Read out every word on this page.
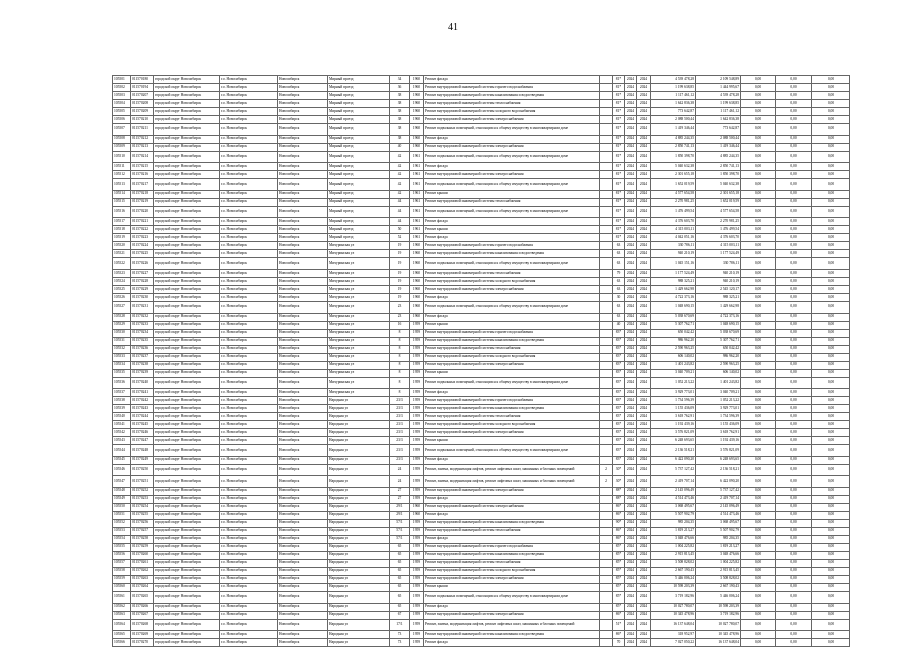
41
105501	011570180	городской округ Новосибирск	г.о. Новосибирск	Новосибирск	Мирный проезд	34	1960	Ремонт фасада	81*	2024	2024	4 539 478,28	2 109 548,89	0,00	0,00	0,00
105502	011570194	городской округ Новосибирск	г.о. Новосибирск	Новосибирск	Мирный проезд	36	1960	Ремонт внутридомовой инженерной системы горячего водоснабжения	81*	2024	2024	1 199 638,85	1 444 995,67	0,00	0,00	0,00
105503	011570207	городской округ Новосибирск	г.о. Новосибирск	Новосибирск	Мирный проезд	38	1960	Ремонт внутридомовой инженерной системы канализования и водоотведения	81*	2024	2024	1 117 461,12	4 539 478,28	0,00	0,00	0,00
105504	011570208	городской округ Новосибирск	г.о. Новосибирск	Новосибирск	Мирный проезд	38	1960	Ремонт внутридомовой инженерной системы теплоснабжения	81*	2024	2024	1 642 836,38	1 199 638,85	0,00	0,00	0,00
105505	011570209	городской округ Новосибирск	г.о. Новосибирск	Новосибирск	Мирный проезд	38	1960	Ремонт внутридомовой инженерной системы холодного водоснабжения	81*	2024	2024	773 642,87	1 117 461,12	0,00	0,00	0,00
105506	011570210	городской округ Новосибирск	г.о. Новосибирск	Новосибирск	Мирный проезд	38	1960	Ремонт внутридомовой инженерной системы электроснабжения	81*	2024	2024	2 088 500,44	1 642 836,38	0,00	0,00	0,00
105507	011570211	городской округ Новосибирск	г.о. Новосибирск	Новосибирск	Мирный проезд	38	1960	Ремонт подвальных помещений, относящихся к общему имуществу в многоквартирном доме	81*	2024	2024	1 419 346,44	773 642,87	0,00	0,00	0,00
105508	011570212	городской округ Новосибирск	г.о. Новосибирск	Новосибирск	Мирный проезд	38	1960	Ремонт фасада	81*	2024	2024	4 885 244,35	2 088 500,44	0,00	0,00	0,00
105509	011570213	городской округ Новосибирск	г.о. Новосибирск	Новосибирск	Мирный проезд	40	1960	Ремонт внутридомовой инженерной системы электроснабжения	81*	2024	2024	2 850 741,13	1 419 346,44	0,00	0,00	0,00
105510	011570214	городской округ Новосибирск	г.о. Новосибирск	Новосибирск	Мирный проезд	42	1961	Ремонт подвальных помещений, относящихся к общему имуществу в многоквартирном доме	81*	2024	2024	1 850 398,70	4 885 244,35	0,00	0,00	0,00
105511	011570215	городской округ Новосибирск	г.о. Новосибирск	Новосибирск	Мирный проезд	42	1961	Ремонт фасада	81*	2024	2024	5 040 632,38	2 850 741,13	0,00	0,00	0,00
105512	011570216	городской округ Новосибирск	г.о. Новосибирск	Новосибирск	Мирный проезд	42	1961	Ремонт внутридомовой инженерной системы электроснабжения	81*	2024	2024	2 301 655,18	1 850 398,70	0,00	0,00	0,00
105513	011570217	городской округ Новосибирск	г.о. Новосибирск	Новосибирск	Мирный проезд	42	1961	Ремонт подвальных помещений, относящихся к общему имуществу в многоквартирном доме	81*	2024	2024	1 652 019,59	5 040 632,38	0,00	0,00	0,00
105514	011570218	городской округ Новосибирск	г.о. Новосибирск	Новосибирск	Мирный проезд	42	1961	Ремонт крыши	81*	2024	2024	4 577 654,58	2 301 655,18	0,00	0,00	0,00
105515	011570219	городской округ Новосибирск	г.о. Новосибирск	Новосибирск	Мирный проезд	44	1961	Ремонт внутридомовой инженерной системы теплоснабжения	81*	2024	2024	2 270 981,25	1 652 019,59	0,00	0,00	0,00
105516	011570220	городской округ Новосибирск	г.о. Новосибирск	Новосибирск	Мирный проезд	44	1961	Ремонт подвальных помещений, относящихся к общему имуществу в многоквартирном доме	81*	2024	2024	1 476 499,54	4 577 654,58	0,00	0,00	0,00
105517	011570221	городской округ Новосибирск	г.о. Новосибирск	Новосибирск	Мирный проезд	44	1961	Ремонт фасада	81*	2024	2024	4 376 603,70	2 270 981,25	0,00	0,00	0,00
105518	011570222	городской округ Новосибирск	г.о. Новосибирск	Новосибирск	Мирный проезд	50	1961	Ремонт крыши	81*	2024	2024	4 315 003,11	1 476 499,54	0,00	0,00	0,00
105519	011570223	городской округ Новосибирск	г.о. Новосибирск	Новосибирск	Мирный проезд	52	1961	Ремонт фасада	81*	2024	2024	4 042 051,16	4 376 603,70	0,00	0,00	0,00
105520	011570224	городской округ Новосибирск	г.о. Новосибирск	Новосибирск	Мичуринская ул	19	1960	Ремонт внутридомовой инженерной системы горячего водоснабжения	63	2024	2024	330 786,11	4 315 003,11	0,00	0,00	0,00
105521	011570225	городской округ Новосибирск	г.о. Новосибирск	Новосибирск	Мичуринская ул	19	1960	Ремонт внутридомовой инженерной системы канализования и водоотведения	63	2024	2024	940 210,19	1 177 524,49	0,00	0,00	0,00
105522	011570226	городской округ Новосибирск	г.о. Новосибирск	Новосибирск	Мичуринская ул	19	1960	Ремонт подвальных помещений, относящихся к общему имуществу в многоквартирном доме	63	2024	2024	1 045 151,16	330 786,11	0,00	0,00	0,00
105523	011570227	городской округ Новосибирск	г.о. Новосибирск	Новосибирск	Мичуринская ул	19	1960	Ремонт внутридомовой инженерной системы теплоснабжения	79	2024	2024	1 177 524,49	940 210,19	0,00	0,00	0,00
105524	011570228	городской округ Новосибирск	г.о. Новосибирск	Новосибирск	Мичуринская ул	19	1960	Ремонт внутридомовой инженерной системы холодного водоснабжения	63	2024	2024	988 325,21	940 210,19	0,00	0,00	0,00
105525	011570229	городской округ Новосибирск	г.о. Новосибирск	Новосибирск	Мичуринская ул	19	1960	Ремонт внутридомовой инженерной системы электроснабжения	63	2024	2024	1 429 662,98	2 545 120,17	0,00	0,00	0,00
105526	011570230	городской округ Новосибирск	г.о. Новосибирск	Новосибирск	Мичуринская ул	19	1960	Ремонт фасада	30	2024	2024	4 722 373,16	988 325,21	0,00	0,00	0,00
105527	011570231	городской округ Новосибирск	г.о. Новосибирск	Новосибирск	Мичуринская ул	23	1960	Ремонт подвальных помещений, относящихся к общему имуществу в многоквартирном доме	63	2024	2024	1 048 690,15	1 429 662,98	0,00	0,00	0,00
105528	011570232	городской округ Новосибирск	г.о. Новосибирск	Новосибирск	Мичуринская ул	23	1960	Ремонт фасада	63	2024	2024	5 038 670,69	4 722 373,16	0,00	0,00	0,00
105529	011570233	городской округ Новосибирск	г.о. Новосибирск	Новосибирск	Мичуринская ул	16	1959	Ремонт крыши	40	2024	2024	5 307 762,71	1 048 690,15	0,00	0,00	0,00
105530	011570234	городской округ Новосибирск	г.о. Новосибирск	Новосибирск	Мичуринская ул	8	1959	Ремонт внутридомовой инженерной системы горячего водоснабжения	83*	2024	2024	650 042,42	5 038 670,69	0,00	0,00	0,00
105531	011570235	городской округ Новосибирск	г.о. Новосибирск	Новосибирск	Мичуринская ул	8	1959	Ремонт внутридомовой инженерной системы канализования и водоотведения	83*	2024	2024	986 962,20	5 307 762,71	0,00	0,00	0,00
105532	011570236	городской округ Новосибирск	г.о. Новосибирск	Новосибирск	Мичуринская ул	8	1959	Ремонт внутридомовой инженерной системы теплоснабжения	83*	2024	2024	2 590 963,25	650 042,42	0,00	0,00	0,00
105533	011570237	городской округ Новосибирск	г.о. Новосибирск	Новосибирск	Мичуринская ул	8	1959	Ремонт внутридомовой инженерной системы холодного водоснабжения	83*	2024	2024	606 140,02	986 962,20	0,00	0,00	0,00
105534	011570238	городской округ Новосибирск	г.о. Новосибирск	Новосибирск	Мичуринская ул	8	1959	Ремонт внутридомовой инженерной системы электроснабжения	83*	2024	2024	1 401 243,82	2 590 963,25	0,00	0,00	0,00
105535	011570239	городской округ Новосибирск	г.о. Новосибирск	Новосибирск	Мичуринская ул	8	1959	Ремонт крыши	83*	2024	2024	3 040 709,21	606 140,02	0,00	0,00	0,00
105536	011570240	городской округ Новосибирск	г.о. Новосибирск	Новосибирск	Мичуринская ул	8	1959	Ремонт подвальных помещений, относящихся к общему имуществу в многоквартирном доме	83*	2024	2024	1 052 213,22	1 401 243,82	0,00	0,00	0,00
105537	011570241	городской округ Новосибирск	г.о. Новосибирск	Новосибирск	Мичуринская ул	8	1959	Ремонт фасада	83*	2024	2024	3 929 773,01	3 040 709,21	0,00	0,00	0,00
105538	011570242	городской округ Новосибирск	г.о. Новосибирск	Новосибирск	Народная ул	23/3	1959	Ремонт внутридомовой инженерной системы горячего водоснабжения	83*	2024	2024	1 734 596,39	1 052 213,22	0,00	0,00	0,00
105539	011570243	городской округ Новосибирск	г.о. Новосибирск	Новосибирск	Народная ул	23/3	1959	Ремонт внутридомовой инженерной системы канализования и водоотведения	83*	2024	2024	1 155 436,09	3 929 773,01	0,00	0,00	0,00
105540	011570244	городской округ Новосибирск	г.о. Новосибирск	Новосибирск	Народная ул	23/3	1959	Ремонт внутридомовой инженерной системы теплоснабжения	83*	2024	2024	3 618 762,91	1 734 596,39	0,00	0,00	0,00
105541	011570245	городской округ Новосибирск	г.о. Новосибирск	Новосибирск	Народная ул	23/3	1959	Ремонт внутридомовой инженерной системы холодного водоснабжения	83*	2024	2024	1 192 439,16	1 155 436,09	0,00	0,00	0,00
105542	011570246	городской округ Новосибирск	г.о. Новосибирск	Новосибирск	Народная ул	23/3	1959	Ремонт внутридомовой инженерной системы электроснабжения	83*	2024	2024	3 576 821,09	3 618 762,91	0,00	0,00	0,00
105543	011570247	городской округ Новосибирск	г.о. Новосибирск	Новосибирск	Народная ул	23/3	1959	Ремонт крыши	83*	2024	2024	6 248 693,65	1 192 439,16	0,00	0,00	0,00
105544	011570248	городской округ Новосибирск	г.о. Новосибирск	Новосибирск	Народная ул	23/3	1959	Ремонт подвальных помещений, относящихся к общему имуществу в многоквартирном доме	83*	2024	2024	2 136 518,21	3 576 821,09	0,00	0,00	0,00
105545	011570249	городской округ Новосибирск	г.о. Новосибирск	Новосибирск	Народная ул	23/3	1959	Ремонт фасада	83*	2024	2024	6 422 090,20	6 248 693,65	0,00	0,00	0,00
105546	011570250	городской округ Новосибирск	г.о. Новосибирск	Новосибирск	Народная ул	24	1959	Ремонт, замена, модернизация лифтов, ремонт лифтовых шахт, машинных и блочных помещений	2	30*	2024	2024	5 737 127,42	2 136 518,21	0,00	0,00	0,00
105547	011570251	городской округ Новосибирск	г.о. Новосибирск	Новосибирск	Народная ул	24	1959	Ремонт, замена, модернизация лифтов, ремонт лифтовых шахт, машинных и блочных помещений	2	30*	2024	2024	2 419 707,14	6 422 090,20	0,00	0,00	0,00
105548	011570252	городской округ Новосибирск	г.о. Новосибирск	Новосибирск	Народная ул	27	1959	Ремонт внутридомовой инженерной системы электроснабжения	88*	2024	2024	2 145 096,49	5 737 127,42	0,00	0,00	0,00
105549	011570253	городской округ Новосибирск	г.о. Новосибирск	Новосибирск	Народная ул	27	1959	Ремонт фасада	88*	2024	2024	4 514 473,46	2 419 707,14	0,00	0,00	0,00
105550	011570254	городской округ Новосибирск	г.о. Новосибирск	Новосибирск	Народная ул	29/1	1960	Ремонт внутридомовой инженерной системы электроснабжения	86*	2024	2024	3 068 495,67	2 145 096,49	0,00	0,00	0,00
105551	011570255	городской округ Новосибирск	г.о. Новосибирск	Новосибирск	Народная ул	29/1	1960	Ремонт фасада	86*	2024	2024	5 507 902,79	4 514 473,46	0,00	0,00	0,00
105552	011570256	городской округ Новосибирск	г.о. Новосибирск	Новосибирск	Народная ул	57/1	1959	Ремонт внутридомовой инженерной системы канализования и водоотведения	90*	2024	2024	985 204,35	3 068 495,67	0,00	0,00	0,00
105553	011570257	городской округ Новосибирск	г.о. Новосибирск	Новосибирск	Народная ул	57/1	1959	Ремонт внутридомовой инженерной системы теплоснабжения	86*	2024	2024	1 819 213,27	5 507 902,79	0,00	0,00	0,00
105554	011570258	городской округ Новосибирск	г.о. Новосибирск	Новосибирск	Народная ул	57/1	1959	Ремонт фасада	86*	2024	2024	3 048 476,66	985 204,35	0,00	0,00	0,00
105555	011570259	городской округ Новосибирск	г.о. Новосибирск	Новосибирск	Народная ул	65	1959	Ремонт внутридомовой инженерной системы горячего водоснабжения	85*	2024	2024	1 004 225,82	1 819 213,27	0,00	0,00	0,00
105556	011570260	городской округ Новосибирск	г.о. Новосибирск	Новосибирск	Народная ул	65	1959	Ремонт внутридомовой инженерной системы канализования и водоотведения	85*	2024	2024	2 915 813,45	3 048 476,66	0,00	0,00	0,00
105557	011570261	городской округ Новосибирск	г.о. Новосибирск	Новосибирск	Народная ул	65	1959	Ремонт внутридомовой инженерной системы теплоснабжения	85*	2024	2024	3 508 828,02	1 004 225,82	0,00	0,00	0,00
105558	011570262	городской округ Новосибирск	г.о. Новосибирск	Новосибирск	Народная ул	65	1959	Ремонт внутридомовой инженерной системы холодного водоснабжения	85*	2024	2024	2 667 190,43	2 915 813,45	0,00	0,00	0,00
105559	011570263	городской округ Новосибирск	г.о. Новосибирск	Новосибирск	Народная ул	65	1959	Ремонт внутридомовой инженерной системы электроснабжения	85*	2024	2024	5 446 006,24	3 508 828,02	0,00	0,00	0,00
105560	011570264	городской округ Новосибирск	г.о. Новосибирск	Новосибирск	Народная ул	65	1959	Ремонт крыши	85*	2024	2024	10 598 203,39	2 667 190,43	0,00	0,00	0,00
105561	011570265	городской округ Новосибирск	г.о. Новосибирск	Новосибирск	Народная ул	65	1959	Ремонт подвальных помещений, относящихся к общему имуществу в многоквартирном доме	85*	2024	2024	3 719 182,96	5 446 006,24	0,00	0,00	0,00
105562	011570266	городской округ Новосибирск	г.о. Новосибирск	Новосибирск	Народная ул	65	1959	Ремонт фасада	85*	2024	2024	10 027 780,07	10 598 203,39	0,00	0,00	0,00
105563	011570267	городской округ Новосибирск	г.о. Новосибирск	Новосибирск	Народная ул	67	1959	Ремонт внутридомовой инженерной системы электроснабжения	86*	2024	2024	10 345 478,96	3 719 182,96	0,00	0,00	0,00
105564	011570268	городской округ Новосибирск	г.о. Новосибирск	Новосибирск	Народная ул	17/1	1959	Ремонт, замена, модернизация лифтов, ремонт лифтовых шахт, машинных и блочных помещений	51*	2024	2024	16 137 648,04	10 027 780,07	0,00	0,00	0,00
105565	011570269	городской округ Новосибирск	г.о. Новосибирск	Новосибирск	Народная ул	73	1959	Ремонт внутридомовой инженерной системы канализования и водоотведения	86*	2024	2024	318 952,97	10 345 478,96	0,00	0,00	0,00
105566	011570270	городской округ Новосибирск	г.о. Новосибирск	Новосибирск	Народная ул	73	1959	Ремонт фасада	70	2024	2024	7 027 050,22	16 137 648,04	0,00	0,00	0,00
